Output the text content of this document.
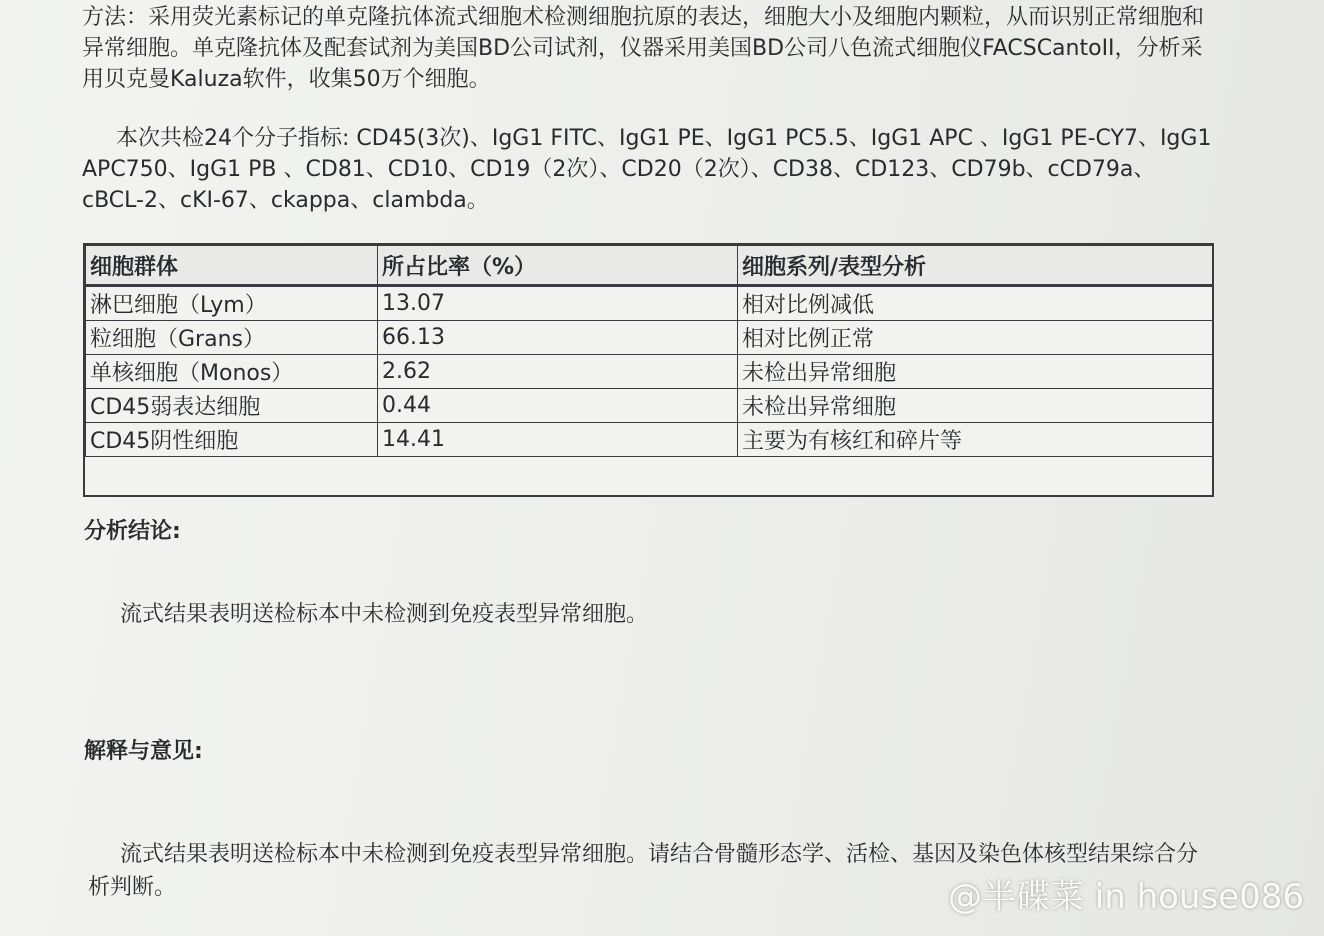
方法：采用荧光素标记的单克隆抗体流式细胞术检测细胞抗原的表达，细胞大小及细胞内颗粒，从而识别正常细胞和异常细胞。单克隆抗体及配套试剂为美国BD公司试剂，仪器采用美国BD公司八色流式细胞仪FACSCantoII，分析采用贝克曼Kaluza软件，收集50万个细胞。

本次共检24个分子指标: CD45(3次)、IgG1 FITC、IgG1 PE、IgG1 PC5.5、IgG1 APC 、IgG1 PE-CY7、IgG1 APC750、IgG1 PB 、CD81、CD10、CD19（2次）、CD20（2次）、CD38、CD123、CD79b、cCD79a、cBCL-2、cKI-67、ckappa、clambda。

细胞群体	所占比率（%）	细胞系列/表型分析
淋巴细胞（Lym）	13.07	相对比例减低
粒细胞（Grans）	66.13	相对比例正常
单核细胞（Monos）	2.62	未检出异常细胞
CD45弱表达细胞	0.44	未检出异常细胞
CD45阴性细胞	14.41	主要为有核红和碎片等
分析结论:

流式结果表明送检标本中未检测到免疫表型异常细胞。

解释与意见:

流式结果表明送检标本中未检测到免疫表型异常细胞。请结合骨髓形态学、活检、基因及染色体核型结果综合分析判断。	@半碟菜 in house086
